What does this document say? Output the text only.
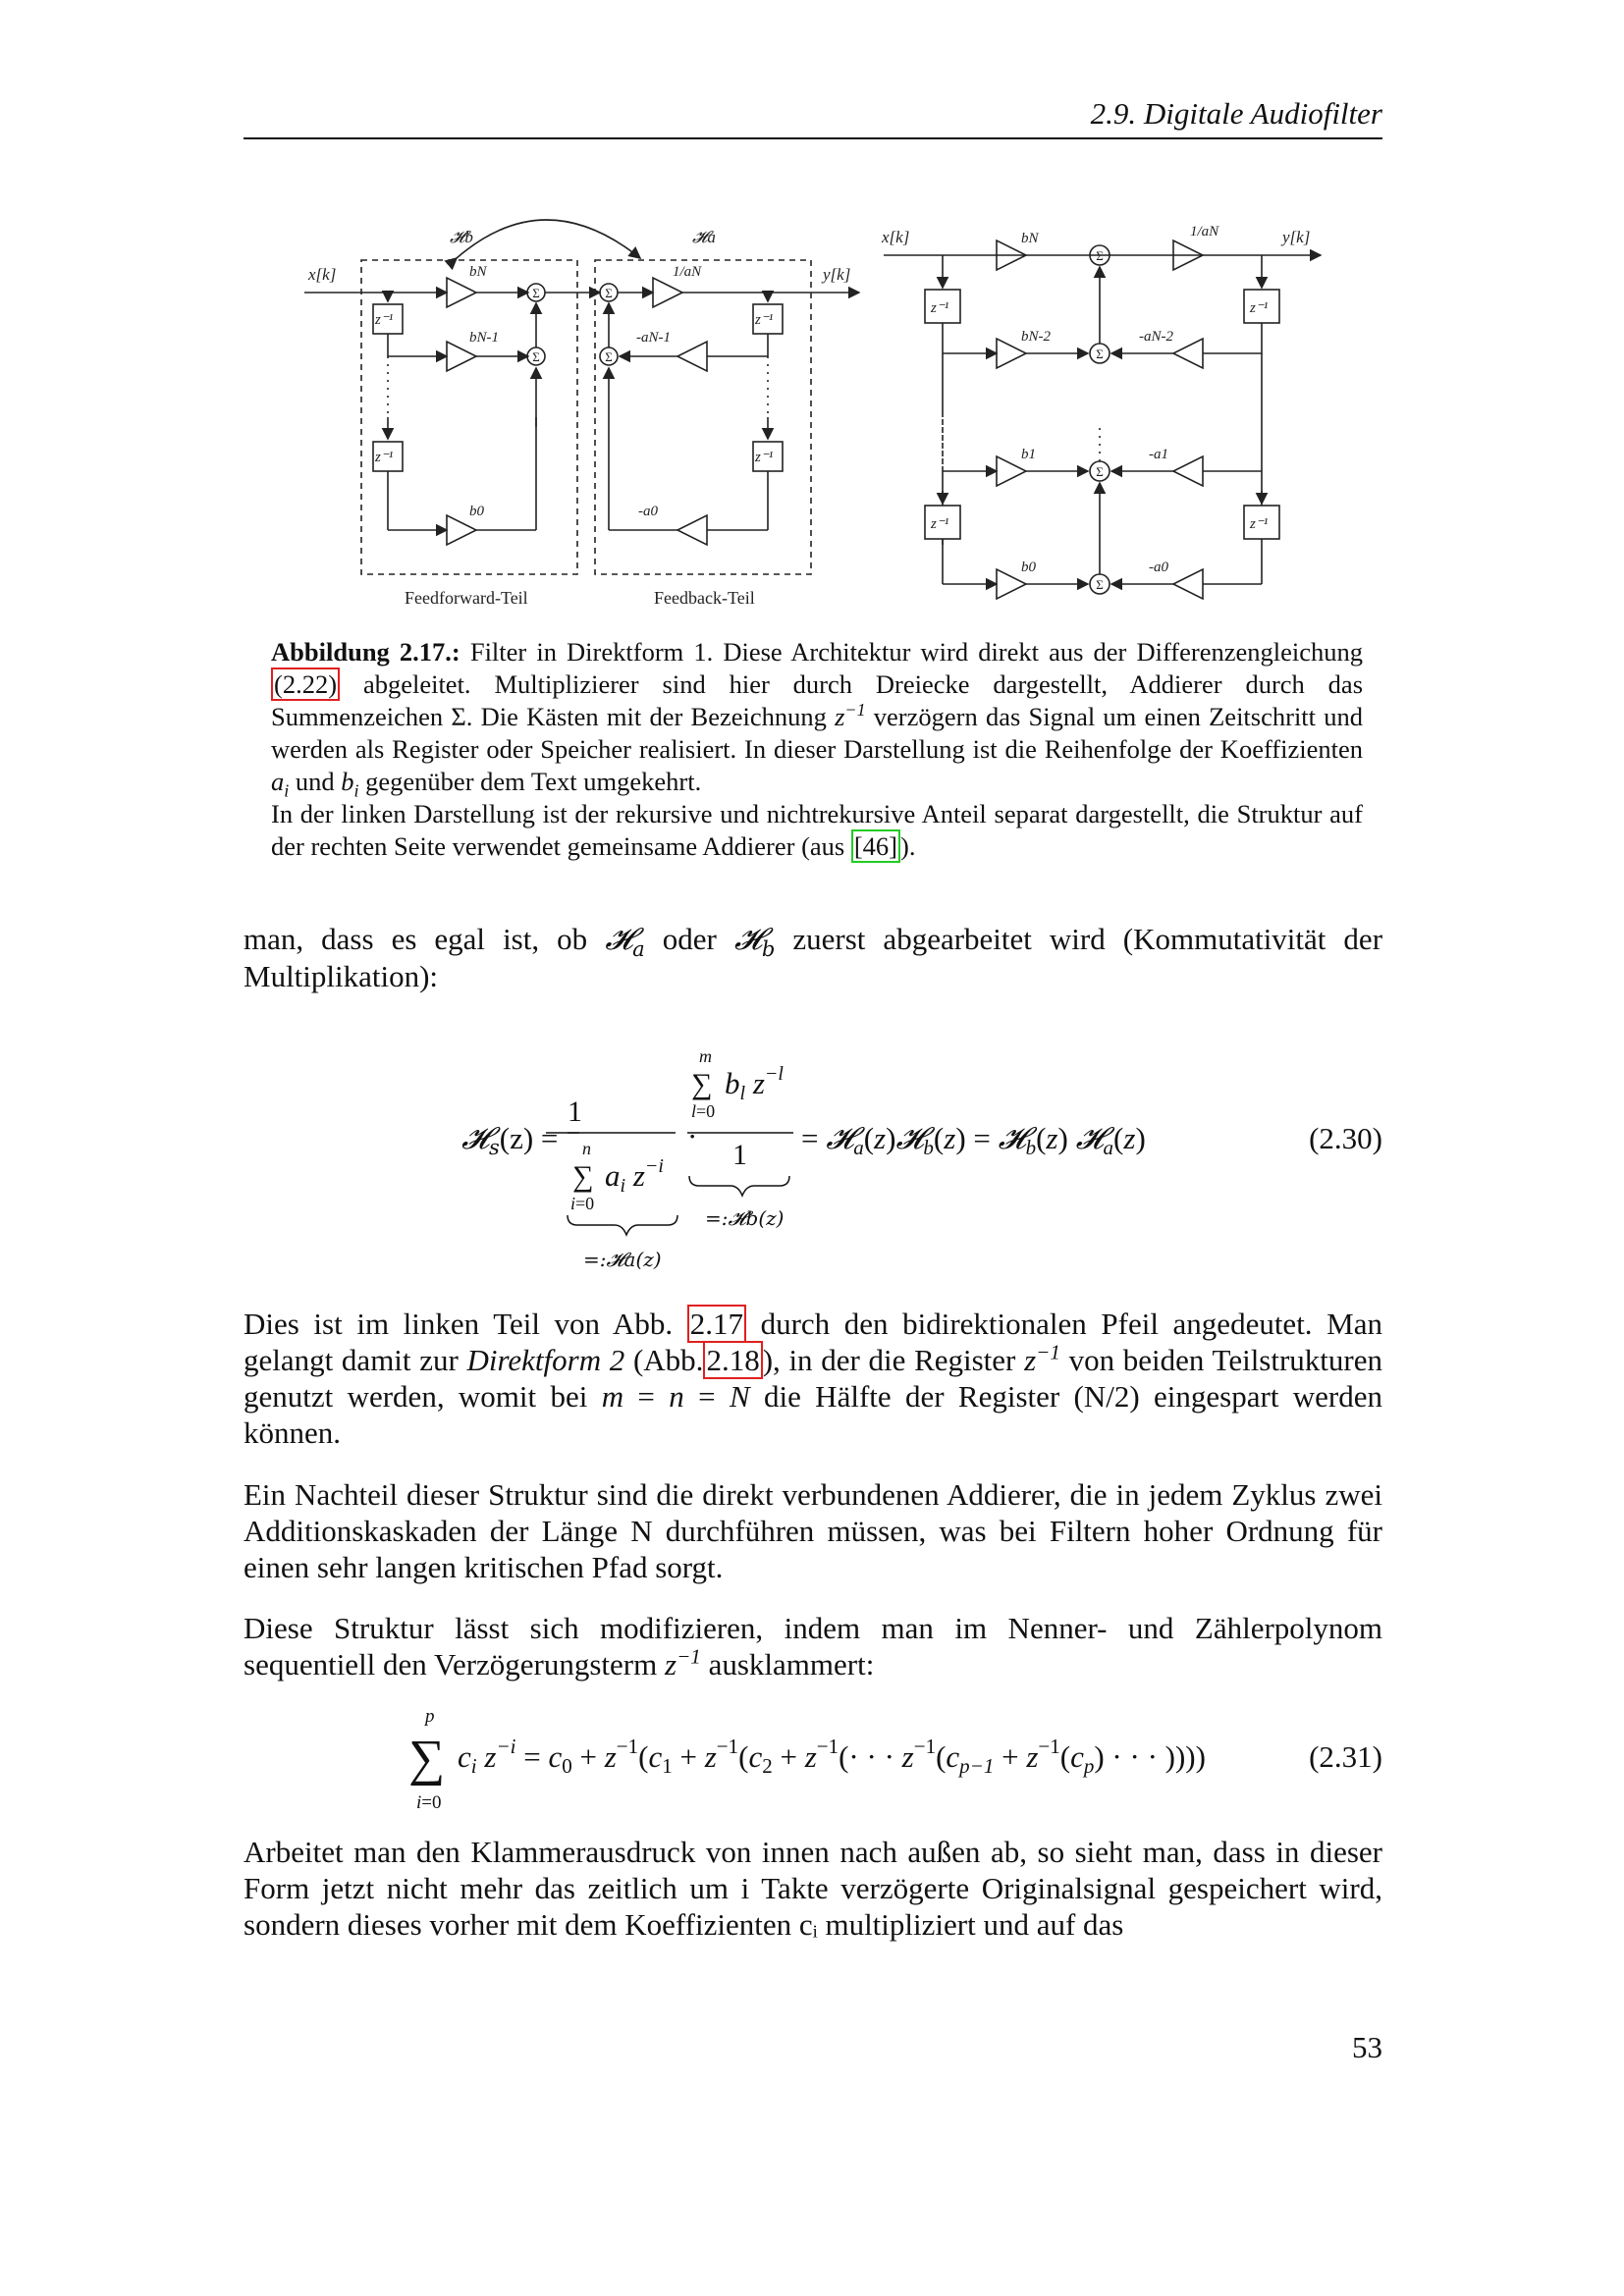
2.9. Digitale Audiofilter
x[k]	y[k]
𝓗b	𝓗a
z⁻¹
z⁻¹
z⁻¹
z⁻¹
bN
bN-1
b0
1/aN
-aN-1
-a0
Σ
Σ
Σ
Σ
Feedforward-Teil	Feedback-Teil
x[k]	y[k]
z⁻¹
z⁻¹
z⁻¹
z⁻¹
bN
bN-2
b1
b0
1/aN
-aN-2
-a1
-a0
Σ
Σ
Σ
Σ

Abbildung 2.17.: Filter in Direktform 1. Diese Architektur wird direkt aus der Differenzengleichung (2.22) abgeleitet. Multiplizierer sind hier durch Dreiecke dargestellt, Addierer durch das Summenzeichen Σ. Die Kästen mit der Bezeichnung $z^{-1}$ verzögern das Signal um einen Zeitschritt und werden als Register oder Speicher realisiert. In dieser Darstellung ist die Reihenfolge der Koeffizienten $a_i$ und $b_i$ gegenüber dem Text umgekehrt.

In der linken Darstellung ist der rekursive und nichtrekursive Anteil separat dargestellt, die Struktur auf der rechten Seite verwendet gemeinsame Addierer (aus [46] ).

man, dass es egal ist, ob 𝓗$_a$ oder 𝓗$_b$ zuerst abgearbeitet wird (Kommutativität der Multiplikation):

𝓗s(z) =
1
n
∑ ai $z^{-i}$
i=0
=:𝓗a(z)
·
m
∑ bl $z^{-l}$
l=0
1
=:𝓗b(z)
= 𝓗a(z)𝓗b(z) = 𝓗b(z) 𝓗a(z)	(2.30)

Dies ist im linken Teil von Abb. 2.17 durch den bidirektionalen Pfeil angedeutet. Man gelangt damit zur Direktform 2 (Abb.2.18), in der die Register $z^{-1}$ von beiden Teilstrukturen genutzt werden, womit bei m = n = N die Hälfte der Register (N/2) eingespart werden können.

Ein Nachteil dieser Struktur sind die direkt verbundenen Addierer, die in jedem Zyklus zwei Additionskaskaden der Länge N durchführen müssen, was bei Filtern hoher Ordnung für einen sehr langen kritischen Pfad sorgt.

Diese Struktur lässt sich modifizieren, indem man im Nenner- und Zählerpolynom sequentiell den Verzögerungsterm $z^{-1}$ ausklammert:

p
∑
i=0
ci $z^{-i} = c0 + z^{-1}(c1 + z^{-1}(c2 + z^{-1}(\cdot$ · · $z^{-1}(cp-1 + z^{-1}(cp)$ · · · ))))	(2.31)

Arbeitet man den Klammerausdruck von innen nach außen ab, so sieht man, dass in dieser Form jetzt nicht mehr das zeitlich um i Takte verzögerte Originalsignal gespeichert wird, sondern dieses vorher mit dem Koeffizienten cᵢ multipliziert und auf das

53
